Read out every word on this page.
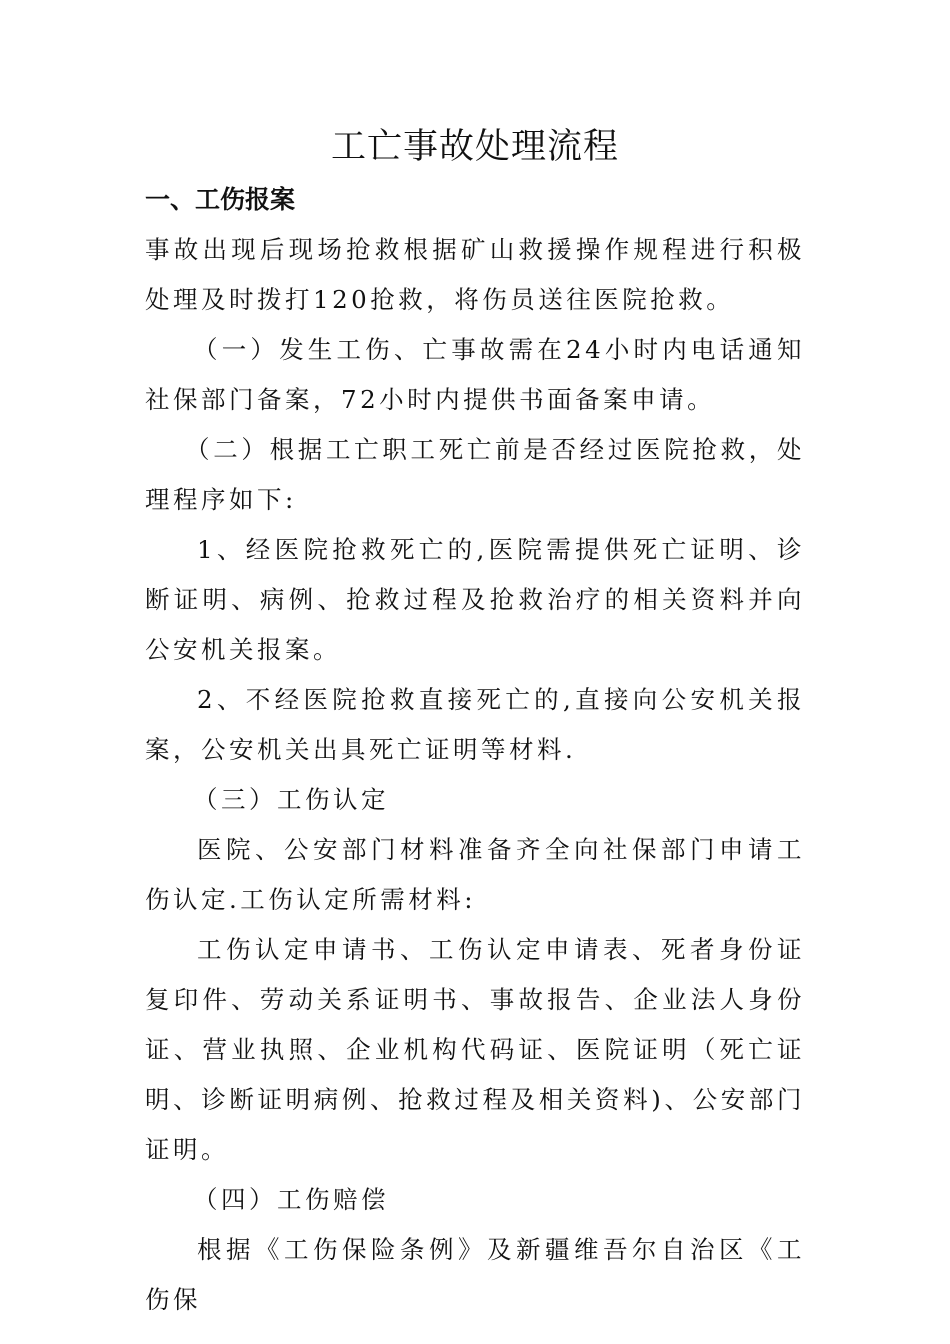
工亡事故处理流程
一、工伤报案

事故出现后现场抢救根据矿山救援操作规程进行积极处理及时拨打120抢救，将伤员送往医院抢救。

（一）发生工伤、亡事故需在24小时内电话通知社保部门备案，72小时内提供书面备案申请。

（二）根据工亡职工死亡前是否经过医院抢救，处理程序如下:

1、经医院抢救死亡的,医院需提供死亡证明、诊断证明、病例、抢救过程及抢救治疗的相关资料并向公安机关报案。

2、不经医院抢救直接死亡的,直接向公安机关报案，公安机关出具死亡证明等材料.

（三）工伤认定

医院、公安部门材料准备齐全向社保部门申请工伤认定.工伤认定所需材料:

工伤认定申请书、工伤认定申请表、死者身份证复印件、劳动关系证明书、事故报告、企业法人身份证、营业执照、企业机构代码证、医院证明（死亡证明、诊断证明病例、抢救过程及相关资料)、公安部门证明。

（四）工伤赔偿

根据《工伤保险条例》及新疆维吾尔自治区《工伤保
